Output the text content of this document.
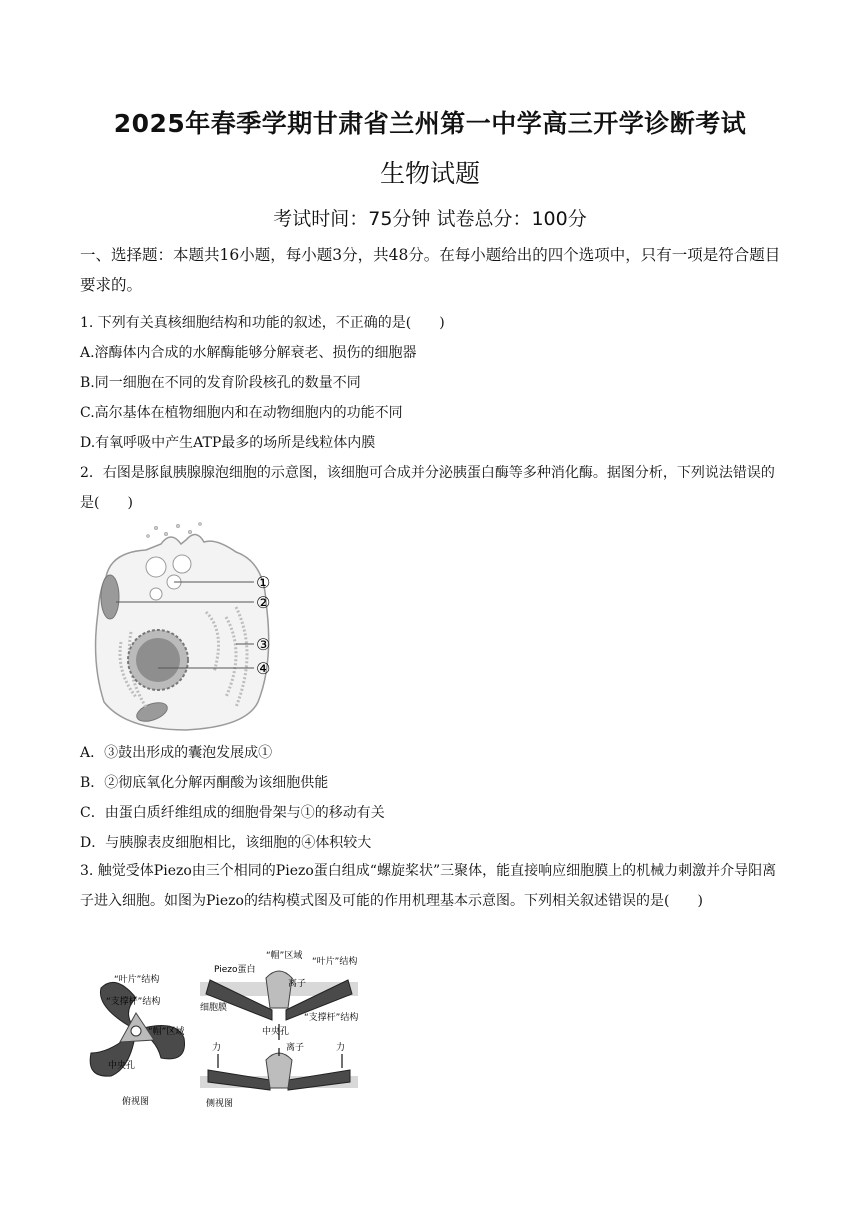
2025年春季学期甘肃省兰州第一中学高三开学诊断考试
生物试题
考试时间：75分钟 试卷总分：100分
一、选择题：本题共16小题，每小题3分，共48分。在每小题给出的四个选项中，只有一项是符合题目要求的。
1. 下列有关真核细胞结构和功能的叙述，不正确的是(　　)
A.溶酶体内合成的水解酶能够分解衰老、损伤的细胞器
B.同一细胞在不同的发育阶段核孔的数量不同
C.高尔基体在植物细胞内和在动物细胞内的功能不同
D.有氧呼吸中产生ATP最多的场所是线粒体内膜
2．右图是豚鼠胰腺腺泡细胞的示意图，该细胞可合成并分泌胰蛋白酶等多种消化酶。据图分析，下列说法错误的是(　　)
①
②
③
④
A．③鼓出形成的囊泡发展成①
B．②彻底氧化分解丙酮酸为该细胞供能
C．由蛋白质纤维组成的细胞骨架与①的移动有关
D．与胰腺表皮细胞相比，该细胞的④体积较大
3. 触觉受体Piezo由三个相同的Piezo蛋白组成“螺旋桨状”三聚体，能直接响应细胞膜上的机械力刺激并介导阳离子进入细胞。如图为Piezo的结构模式图及可能的作用机理基本示意图。下列相关叙述错误的是(　　)
“叶片”结构
“支撑杆”结构
“帽”区域
中央孔
俯视图
Piezo蛋白
“帽”区域
“叶片”结构
细胞膜
离子
中央孔
“支撑杆”结构
力	离子	力
侧视图
